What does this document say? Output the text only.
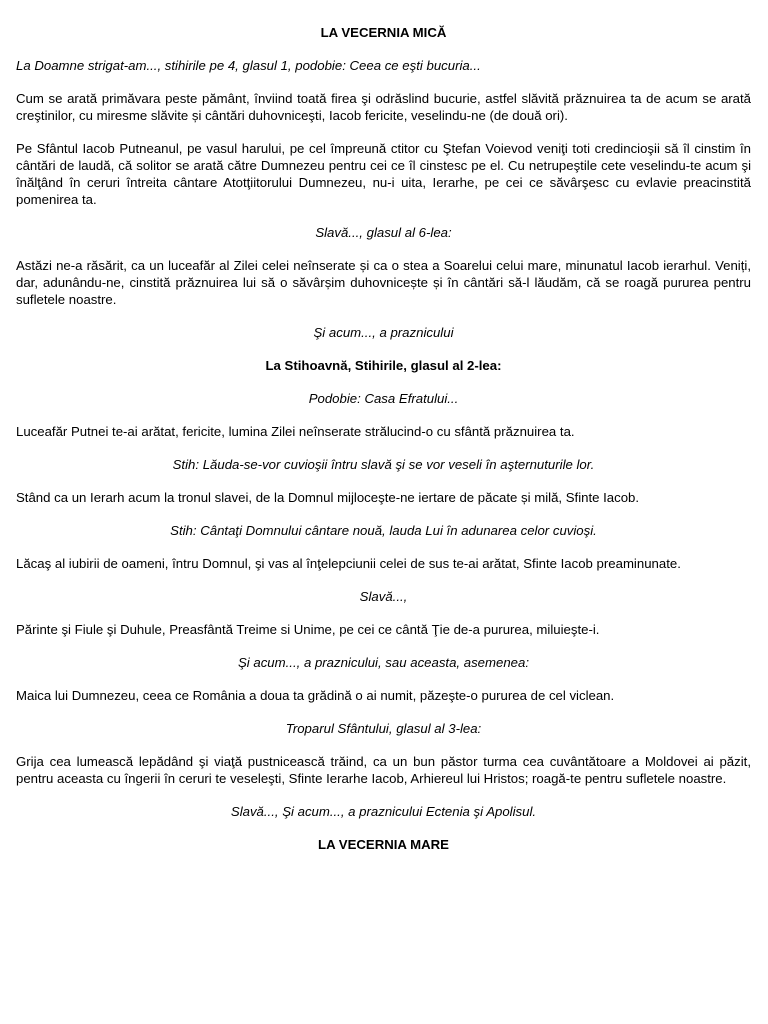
LA VECERNIA MICĂ
La Doamne strigat-am..., stihirile pe 4, glasul 1, podobie: Ceea ce eşti bucuria...
Cum se arată primăvara peste pământ, înviind toată firea şi odrăslind bucurie, astfel slăvită prăznuirea ta de acum se arată creştinilor, cu miresme slăvite și cântări duhovniceşti, Iacob fericite, veselindu-ne (de două ori).
Pe Sfântul Iacob Putneanul, pe vasul harului, pe cel împreună ctitor cu Ştefan Voievod veniţi toti credincioşii să îl cinstim în cântări de laudă, că solitor se arată către Dumnezeu pentru cei ce îl cinstesc pe el. Cu netrupeştile cete veselindu-te acum şi înălţând în ceruri întreita cântare Atotţiitorului Dumnezeu, nu-i uita, Ierarhe, pe cei ce săvârşesc cu evlavie preacinstită pomenirea ta.
Slavă..., glasul al 6-lea:
Astăzi ne-a răsărit, ca un luceafăr al Zilei celei neînserate și ca o stea a Soarelui celui mare, minunatul Iacob ierarhul. Veniți, dar, adunându-ne, cinstită prăznuirea lui să o săvârșim duhovnicește și în cântări să-l lăudăm, că se roagă pururea pentru sufletele noastre.
Şi acum..., a praznicului
La Stihoavnă, Stihirile, glasul al 2-lea:
Podobie: Casa Efratului...
Luceafăr Putnei te-ai arătat, fericite, lumina Zilei neînserate strălucind-o cu sfântă prăznuirea ta.
Stih: Lăuda-se-vor cuvioşii întru slavă şi se vor veseli în aşternuturile lor.
Stând ca un Ierarh acum la tronul slavei, de la Domnul mijloceşte-ne iertare de păcate și milă, Sfinte Iacob.
Stih: Cântaţi Domnului cântare nouă, lauda Lui în adunarea celor cuvioşi.
Lăcaş al iubirii de oameni, întru Domnul, şi vas al înţelepciunii celei de sus te-ai arătat, Sfinte Iacob preaminunate.
Slavă...,
Părinte şi Fiule şi Duhule, Preasfântă Treime si Unime, pe cei ce cântă Ţie de-a pururea, miluieşte-i.
Şi acum..., a praznicului, sau aceasta, asemenea:
Maica lui Dumnezeu, ceea ce România a doua ta grădină o ai numit, păzeşte-o pururea de cel viclean.
Troparul Sfântului, glasul al 3-lea:
Grija cea lumească lepădând şi viaţă pustnicească trăind, ca un bun păstor turma cea cuvântătoare a Moldovei ai păzit, pentru aceasta cu îngerii în ceruri te veseleşti, Sfinte Ierarhe Iacob, Arhiereul lui Hristos; roagă-te pentru sufletele noastre.
Slavă..., Şi acum..., a praznicului Ectenia şi Apolisul.
LA VECERNIA MARE
